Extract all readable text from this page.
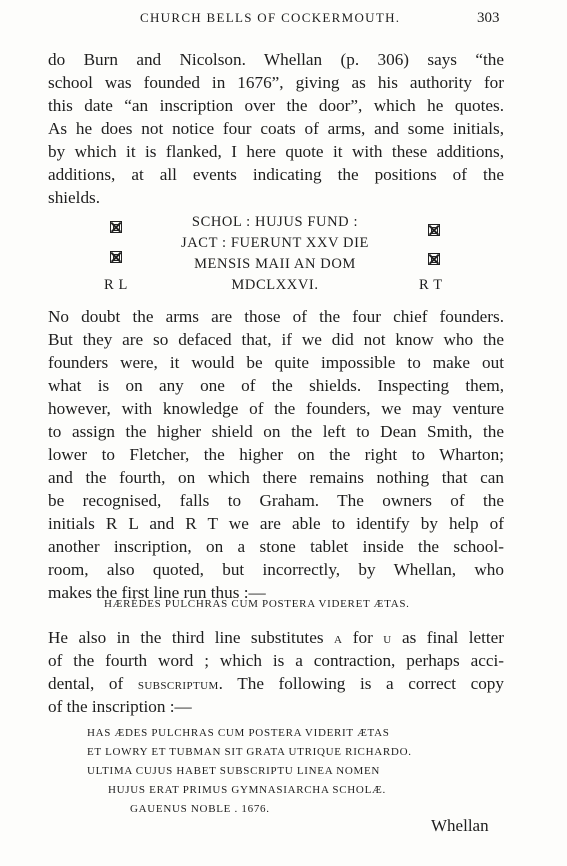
CHURCH BELLS OF COCKERMOUTH.	303
do Burn and Nicolson. Whellan (p. 306) says “the
school was founded in 1676”, giving as his authority for
this date “an inscription over the door”, which he quotes.
As he does not notice four coats of arms, and some initials,
by which it is flanked, I here quote it with these additions,
additions, at all events indicating the positions of the
shields.
SCHOL : HUJUS FUND :
JACT : FUERUNT XXV DIE
MENSIS MAII AN DOM
MDCLXXVI.
R L	R T
No doubt the arms are those of the four chief founders.
But they are so defaced that, if we did not know who the
founders were, it would be quite impossible to make out
what is on any one of the shields. Inspecting them,
however, with knowledge of the founders, we may venture
to assign the higher shield on the left to Dean Smith, the
lower to Fletcher, the higher on the right to Wharton;
and the fourth, on which there remains nothing that can
be recognised, falls to Graham. The owners of the
initials R L and R T we are able to identify by help of
another inscription, on a stone tablet inside the school-
room, also quoted, but incorrectly, by Whellan, who
makes the first line run thus :—
HÆRÉDES PULCHRAS CUM POSTERA VIDERET ÆTAS.
He also in the third line substitutes a for u as final letter
of the fourth word ; which is a contraction, perhaps acci-
dental, of subscriptum. The following is a correct copy
of the inscription :—
HAS ÆDES PULCHRAS CUM POSTERA VIDERIT ÆTAS
ET LOWRY ET TUBMAN SIT GRATA UTRIQUE RICHARDO.
ULTIMA CUJUS HABET SUBSCRIPTU LINEA NOMEN
HUJUS ERAT PRIMUS GYMNASIARCHA SCHOLÆ.
GAUENUS NOBLE . 1676.
Whellan
